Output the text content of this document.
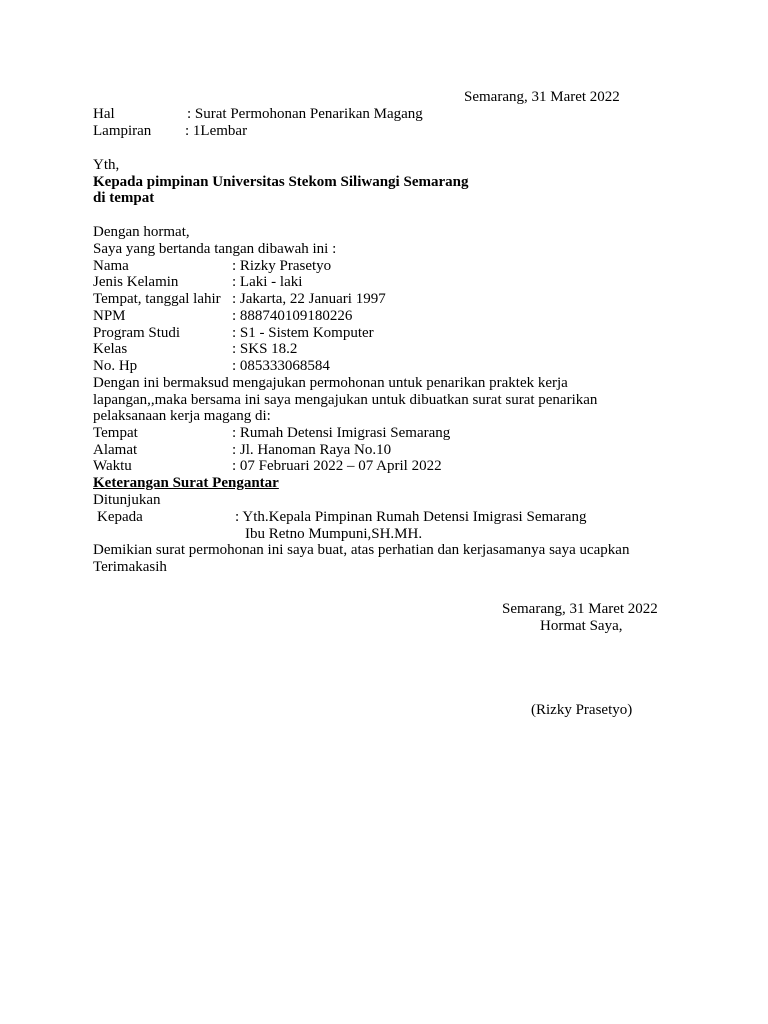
Semarang, 31 Maret 2022
Hal	: Surat Permohonan Penarikan Magang
Lampiran : 1Lembar
Yth,
Kepada pimpinan Universitas Stekom Siliwangi Semarang
di tempat
Dengan hormat,
Saya yang bertanda tangan dibawah ini :
Nama	: Rizky Prasetyo
Jenis Kelamin	: Laki - laki
Tempat, tanggal lahir : Jakarta, 22 Januari 1997
NPM	: 888740109180226
Program Studi	: S1 - Sistem Komputer
Kelas	: SKS 18.2
No. Hp	: 085333068584
Dengan ini bermaksud mengajukan permohonan untuk penarikan praktek kerja
lapangan,,maka bersama ini saya mengajukan untuk dibuatkan surat surat penarikan
pelaksanaan kerja magang di:
Tempat	: Rumah Detensi Imigrasi Semarang
Alamat	: Jl. Hanoman Raya No.10
Waktu	: 07 Februari 2022 – 07 April 2022
Keterangan Surat Pengantar
Ditunjukan
Kepada	: Yth.Kepala Pimpinan Rumah Detensi Imigrasi Semarang
Ibu Retno Mumpuni,SH.MH.
Demikian surat permohonan ini saya buat, atas perhatian dan kerjasamanya saya ucapkan
Terimakasih
Semarang, 31 Maret 2022
Hormat Saya,
(Rizky Prasetyo)
